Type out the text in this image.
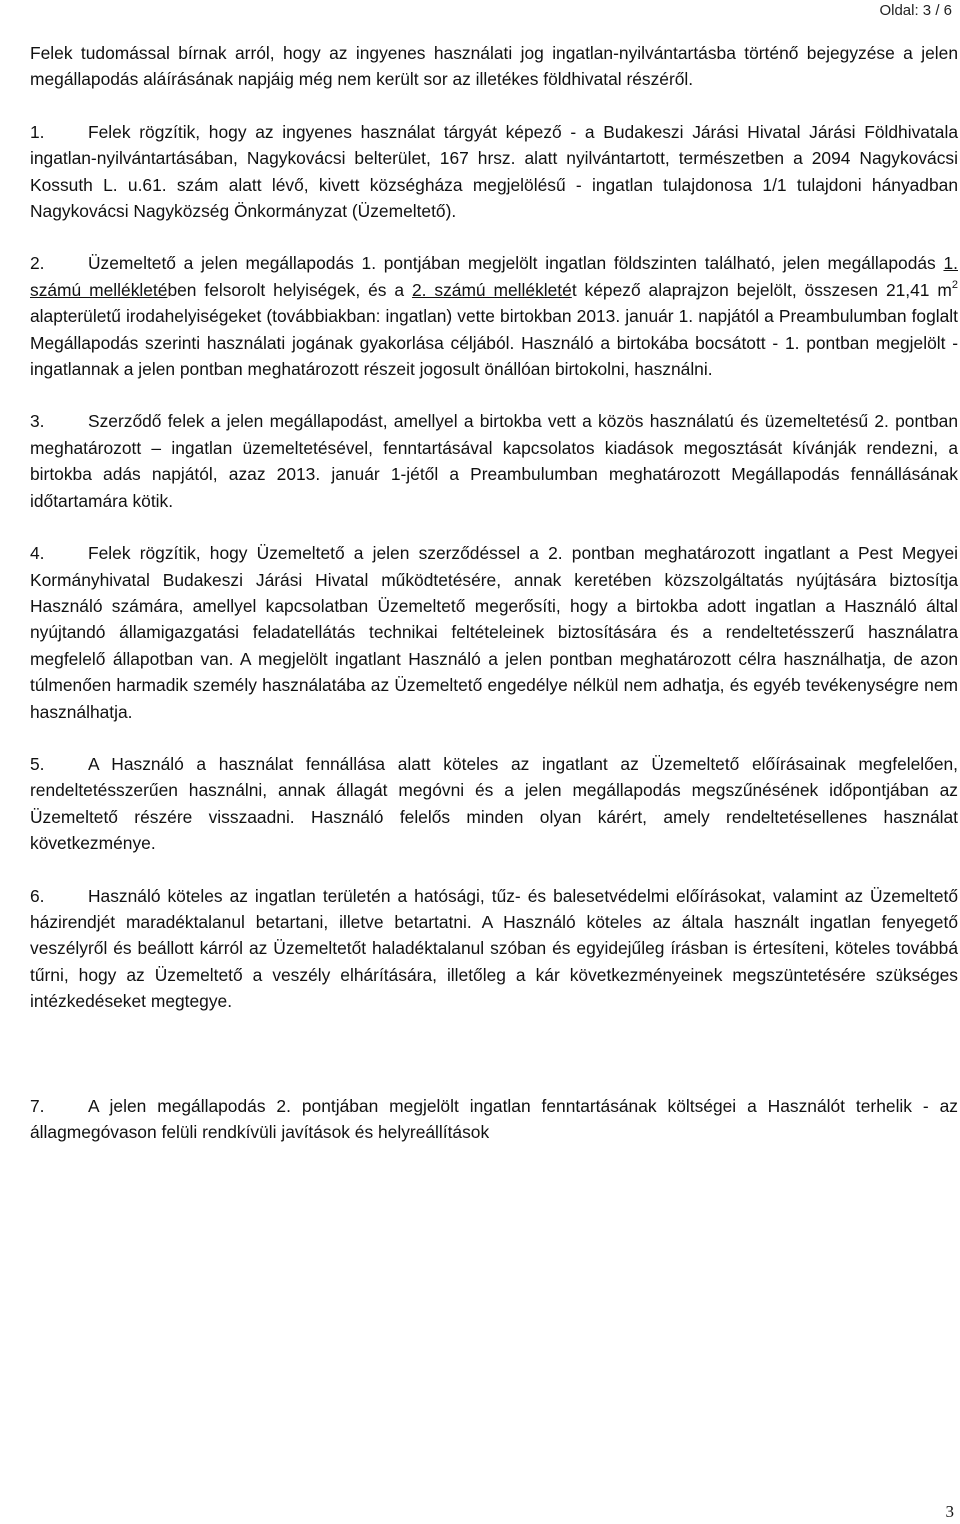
Oldal: 3 / 6

Felek tudomással bírnak arról, hogy az ingyenes használati jog ingatlan-nyilvántartásba történő bejegyzése a jelen megállapodás aláírásának napjáig még nem került sor az illetékes földhivatal részéről.

1. Felek rögzítik, hogy az ingyenes használat tárgyát képező - a Budakeszi Járási Hivatal Járási Földhivatala ingatlan-nyilvántartásában, Nagykovácsi belterület, 167 hrsz. alatt nyilvántartott, természetben a 2094 Nagykovácsi Kossuth L. u.61. szám alatt lévő, kivett községháza megjelölésű - ingatlan tulajdonosa 1/1 tulajdoni hányadban Nagykovácsi Nagyközség Önkormányzat (Üzemeltető).

2. Üzemeltető a jelen megállapodás 1. pontjában megjelölt ingatlan földszinten található, jelen megállapodás 1. számú mellékletében felsorolt helyiségek, és a 2. számú mellékletét képező alaprajzon bejelölt, összesen 21,41 $m^2$ alapterületű irodahelyiségeket (továbbiakban: ingatlan) vette birtokban 2013. január 1. napjától a Preambulumban foglalt Megállapodás szerinti használati jogának gyakorlása céljából. Használó a birtokába bocsátott - 1. pontban megjelölt - ingatlannak a jelen pontban meghatározott részeit jogosult önállóan birtokolni, használni.

3. Szerződő felek a jelen megállapodást, amellyel a birtokba vett a közös használatú és üzemeltetésű 2. pontban meghatározott – ingatlan üzemeltetésével, fenntartásával kapcsolatos kiadások megosztását kívánják rendezni, a birtokba adás napjától, azaz 2013. január 1-jétől a Preambulumban meghatározott Megállapodás fennállásának időtartamára kötik.

4. Felek rögzítik, hogy Üzemeltető a jelen szerződéssel a 2. pontban meghatározott ingatlant a Pest Megyei Kormányhivatal Budakeszi Járási Hivatal működtetésére, annak keretében közszolgáltatás nyújtására biztosítja Használó számára, amellyel kapcsolatban Üzemeltető megerősíti, hogy a birtokba adott ingatlan a Használó által nyújtandó államigazgatási feladatellátás technikai feltételeinek biztosítására és a rendeltetésszerű használatra megfelelő állapotban van. A megjelölt ingatlant Használó a jelen pontban meghatározott célra használhatja, de azon túlmenően harmadik személy használatába az Üzemeltető engedélye nélkül nem adhatja, és egyéb tevékenységre nem használhatja.

5. A Használó a használat fennállása alatt köteles az ingatlant az Üzemeltető előírásainak megfelelően, rendeltetésszerűen használni, annak állagát megóvni és a jelen megállapodás megszűnésének időpontjában az Üzemeltető részére visszaadni. Használó felelős minden olyan kárért, amely rendeltetésellenes használat következménye.

6. Használó köteles az ingatlan területén a hatósági, tűz- és balesetvédelmi előírásokat, valamint az Üzemeltető házirendjét maradéktalanul betartani, illetve betartatni. A Használó köteles az általa használt ingatlan fenyegető veszélyről és beállott kárról az Üzemeltetőt haladéktalanul szóban és egyidejűleg írásban is értesíteni, köteles továbbá tűrni, hogy az Üzemeltető a veszély elhárítására, illetőleg a kár következményeinek megszüntetésére szükséges intézkedéseket megtegye.

7. A jelen megállapodás 2. pontjában megjelölt ingatlan fenntartásának költségei a Használót terhelik - az állagmegóvason felüli rendkívüli javítások és helyreállítások

3
